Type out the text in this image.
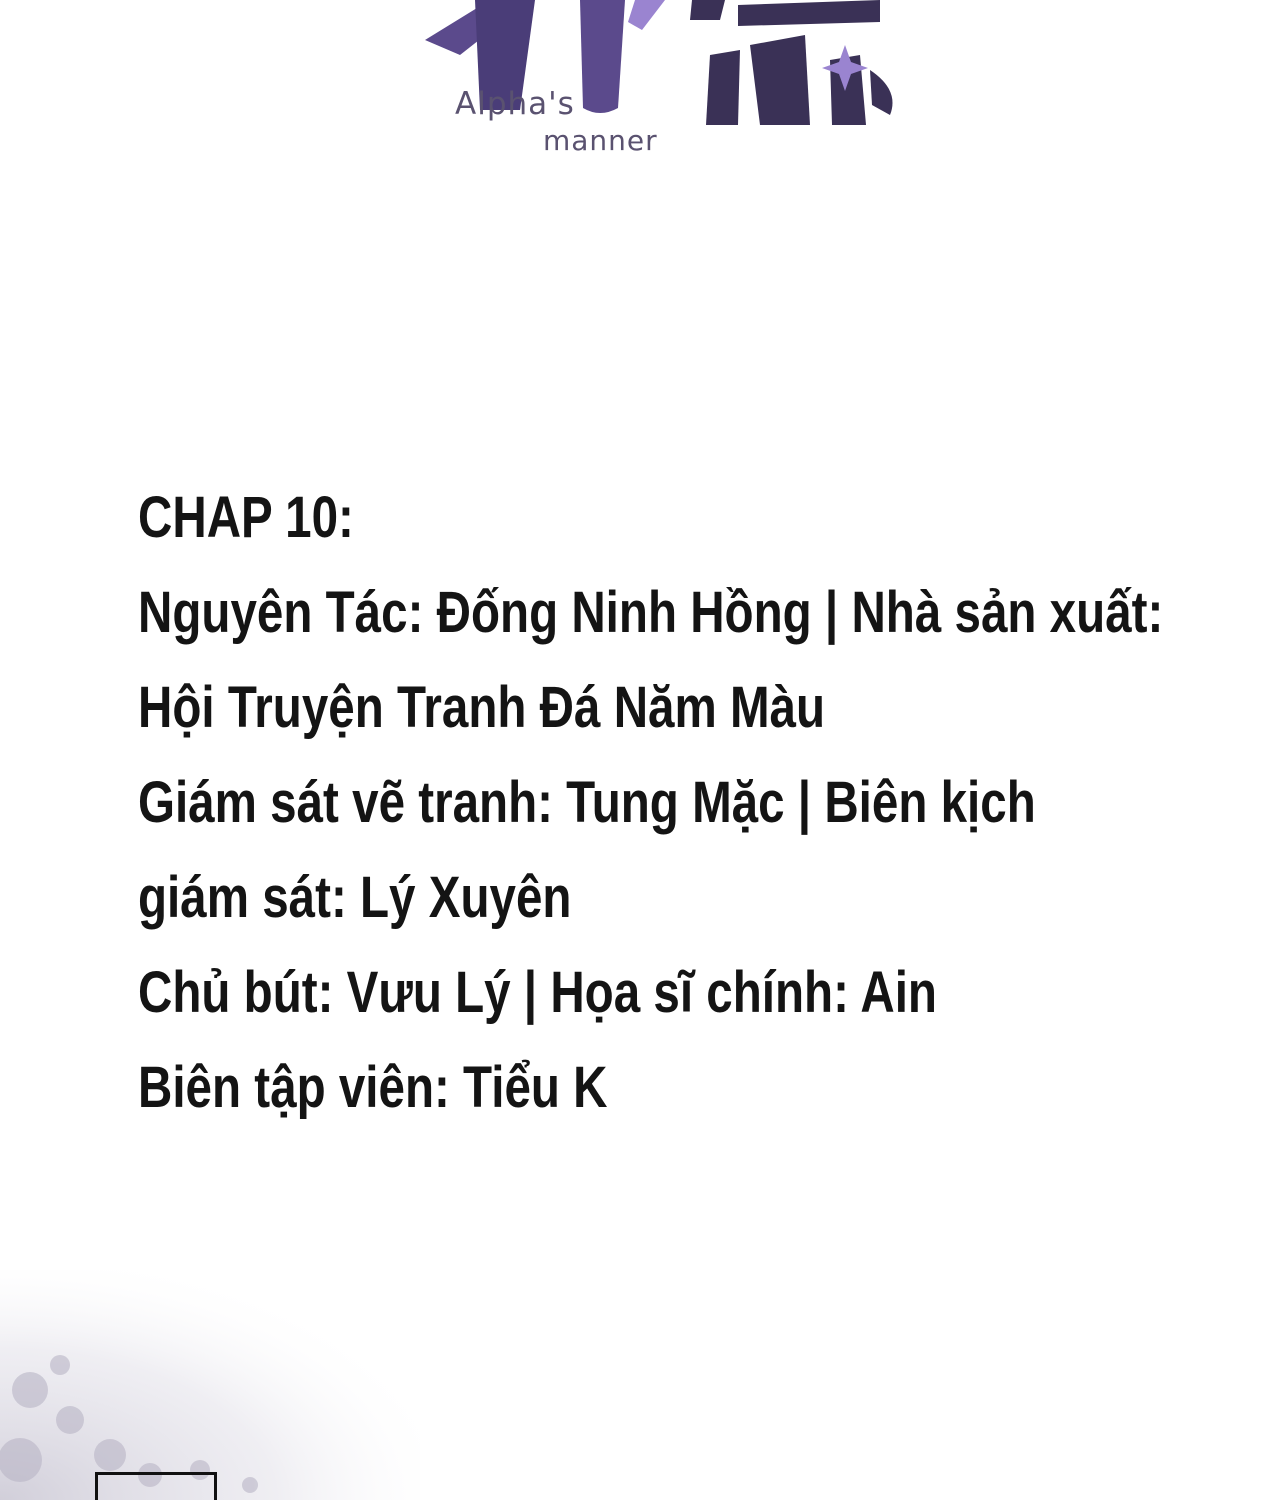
Alpha's
manner
CHAP 10:
Nguyên Tác: Đống Ninh Hồng | Nhà sản xuất:
Hội Truyện Tranh Đá Năm Màu
Giám sát vẽ tranh: Tung Mặc | Biên kịch
giám sát: Lý Xuyên
Chủ bút: Vưu Lý | Họa sĩ chính: Ain
Biên tập viên: Tiểu K
